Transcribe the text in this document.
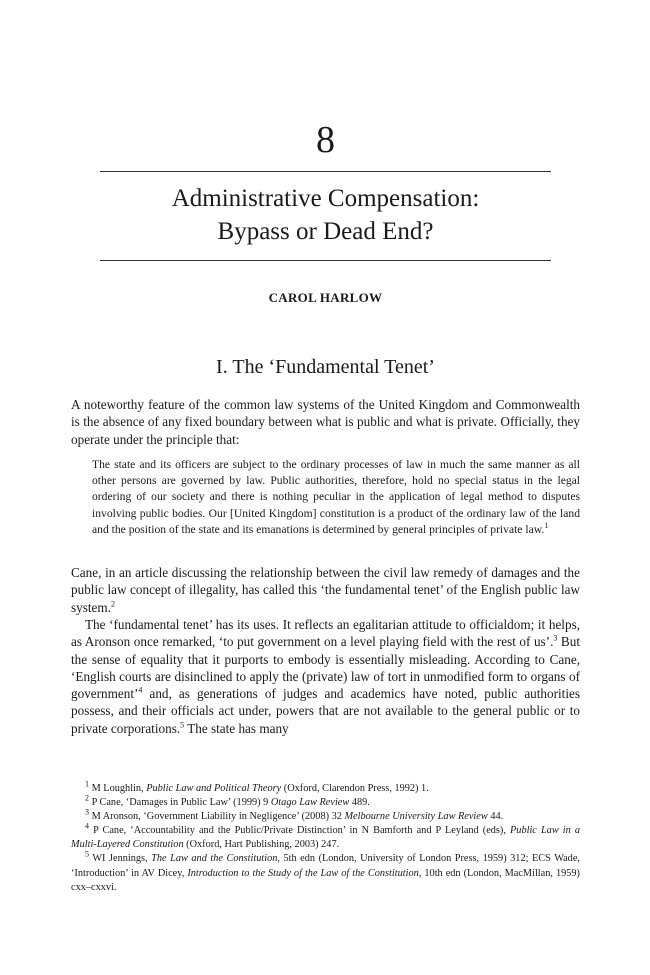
8
Administrative Compensation:
Bypass or Dead End?
CAROL HARLOW
I. The ‘Fundamental Tenet’

A noteworthy feature of the common law systems of the United Kingdom and Commonwealth is the absence of any fixed boundary between what is public and what is private. Officially, they operate under the principle that:

The state and its officers are subject to the ordinary processes of law in much the same manner as all other persons are governed by law. Public authorities, therefore, hold no special status in the legal ordering of our society and there is nothing peculiar in the application of legal method to disputes involving public bodies. Our [United Kingdom] constitution is a product of the ordinary law of the land and the position of the state and its emanations is determined by general principles of private law.$^1$

Cane, in an article discussing the relationship between the civil law remedy of damages and the public law concept of illegality, has called this ‘the fundamental tenet’ of the English public law system.$^2$

The ‘fundamental tenet’ has its uses. It reflects an egalitarian attitude to officialdom; it helps, as Aronson once remarked, ‘to put government on a level playing field with the rest of us’.$^3$ But the sense of equality that it purports to embody is essentially misleading. According to Cane, ‘English courts are disinclined to apply the (private) law of tort in unmodified form to organs of government’$^4$ and, as generations of judges and academics have noted, public authorities possess, and their officials act under, powers that are not available to the general public or to private corporations.$^5$ The state has many

$^1$ M Loughlin, Public Law and Political Theory (Oxford, Clarendon Press, 1992) 1.

$^2$ P Cane, ‘Damages in Public Law’ (1999) 9 Otago Law Review 489.

$^3$ M Aronson, ‘Government Liability in Negligence’ (2008) 32 Melbourne University Law Review 44.

$^4$ P Cane, ‘Accountability and the Public/Private Distinction’ in N Bamforth and P Leyland (eds), Public Law in a Multi-Layered Constitution (Oxford, Hart Publishing, 2003) 247.

$^5$ WI Jennings, The Law and the Constitution, 5th edn (London, University of London Press, 1959) 312; ECS Wade, ‘Introduction’ in AV Dicey, Introduction to the Study of the Law of the Constitution, 10th edn (London, MacMillan, 1959) cxx–cxxvi.
